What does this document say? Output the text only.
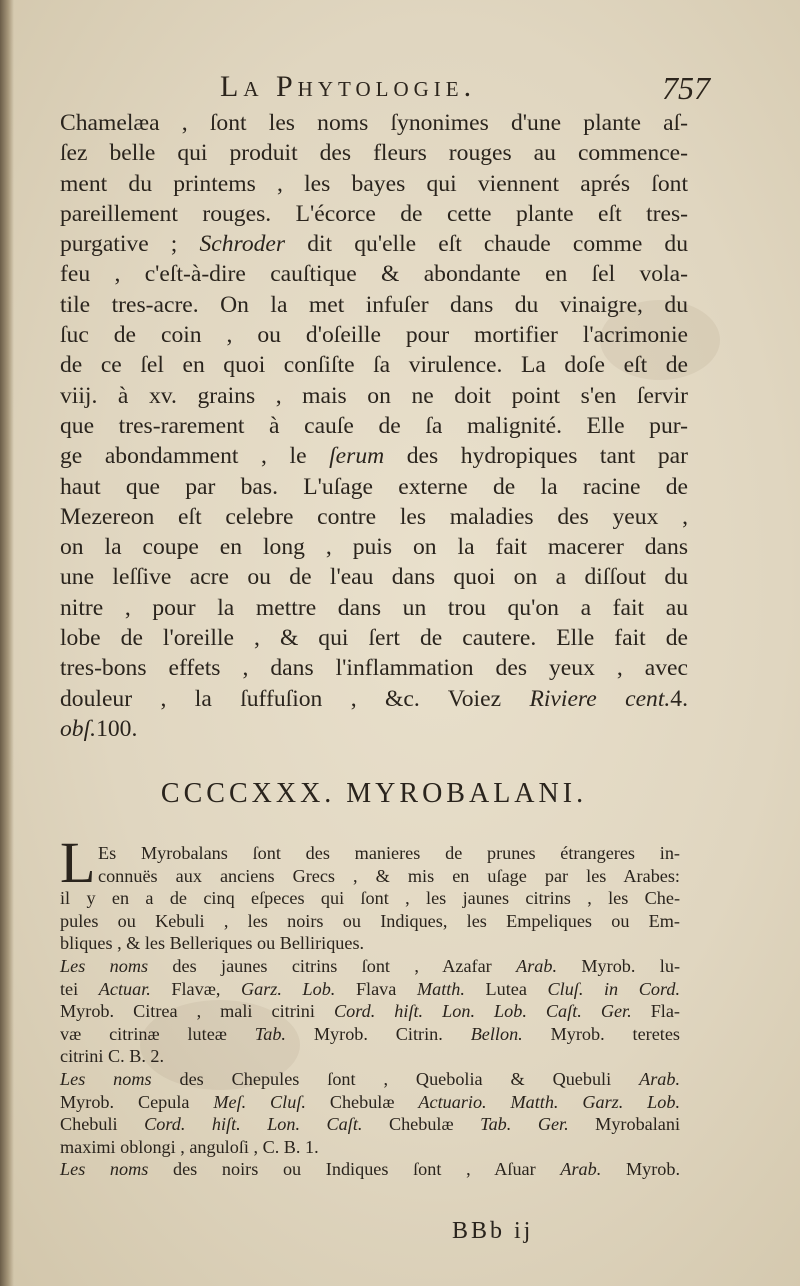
La Phytologie.	757
Chamelæa , ſont les noms ſynonimes d'une plante aſ-
ſez belle qui produit des fleurs rouges au commence-
ment du printems , les bayes qui viennent aprés ſont
pareillement rouges. L'écorce de cette plante eſt tres-
purgative ; Schroder dit qu'elle eſt chaude comme du
feu , c'eſt-à-dire cauſtique & abondante en ſel vola-
tile tres-acre. On la met infuſer dans du vinaigre, du
ſuc de coin , ou d'oſeille pour mortifier l'acrimonie
de ce ſel en quoi conſiſte ſa virulence. La doſe eſt de
viij. à xv. grains , mais on ne doit point s'en ſervir
que tres-rarement à cauſe de ſa malignité. Elle pur-
ge abondamment , le ſerum des hydropiques tant par
haut que par bas. L'uſage externe de la racine de
Mezereon eſt celebre contre les maladies des yeux ,
on la coupe en long , puis on la fait macerer dans
une leſſive acre ou de l'eau dans quoi on a diſſout du
nitre , pour la mettre dans un trou qu'on a fait au
lobe de l'oreille , & qui ſert de cautere. Elle fait de
tres-bons effets , dans l'inflammation des yeux , avec
douleur , la ſuffuſion , &c. Voiez Riviere cent.4.
obſ.100.
CCCCXXX. MYROBALANI.
L Es Myrobalans ſont des manieres de prunes étrangeres in-
connuës aux anciens Grecs , & mis en uſage par les Arabes:
il y en a de cinq eſpeces qui ſont , les jaunes citrins , les Che-
pules ou Kebuli , les noirs ou Indiques, les Empeliques ou Em-
bliques , & les Belleriques ou Belliriques.
Les noms des jaunes citrins ſont , Azafar Arab. Myrob. lu-
tei Actuar. Flavæ, Garz. Lob. Flava Matth. Lutea Cluſ. in Cord.
Myrob. Citrea , mali citrini Cord. hiſt. Lon. Lob. Caſt. Ger. Fla-
væ citrinæ luteæ Tab. Myrob. Citrin. Bellon. Myrob. teretes
citrini C. B. 2.
Les noms des Chepules ſont , Quebolia & Quebuli Arab.
Myrob. Cepula Meſ. Cluſ. Chebulæ Actuario. Matth. Garz. Lob.
Chebuli Cord. hiſt. Lon. Caſt. Chebulæ Tab. Ger. Myrobalani
maximi oblongi , anguloſi , C. B. 1.
Les noms des noirs ou Indiques ſont , Aſuar Arab. Myrob.
BBb ij
